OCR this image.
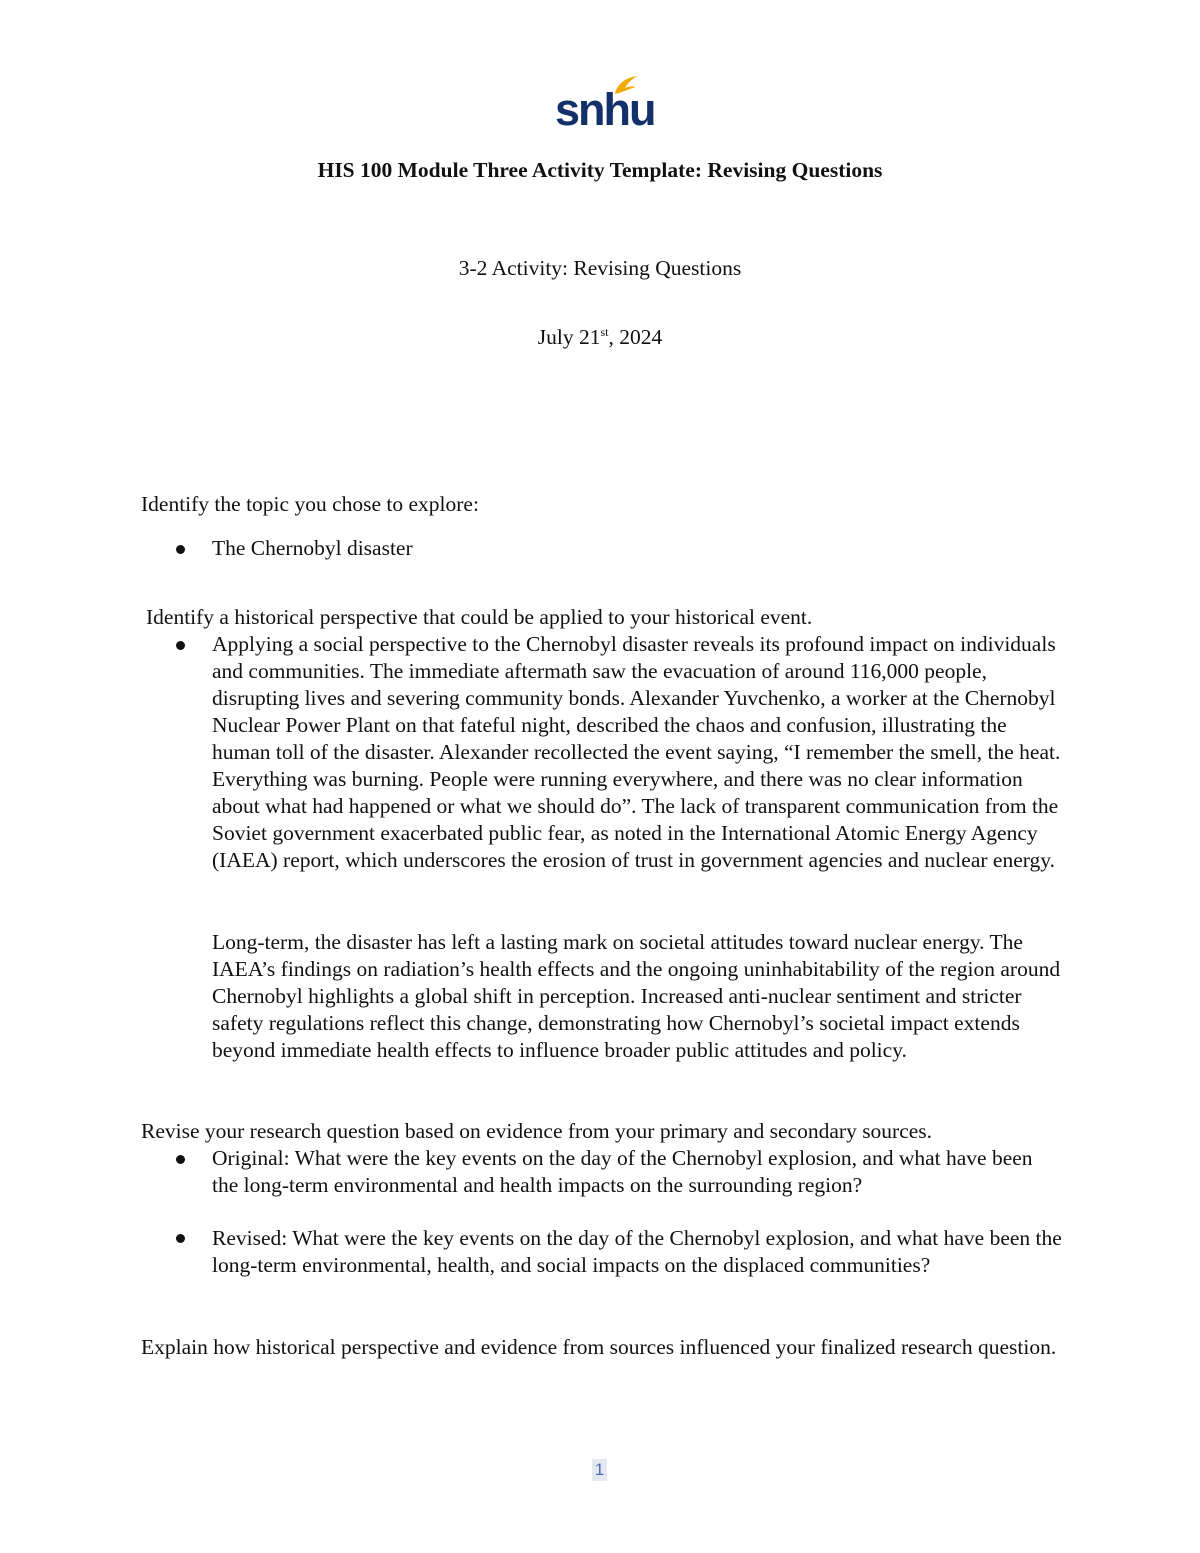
snhu
HIS 100 Module Three Activity Template: Revising Questions
3-2 Activity: Revising Questions
July 21st, 2024

Identify the topic you chose to explore:

The Chernobyl disaster

Identify a historical perspective that could be applied to your historical event.

Applying a social perspective to the Chernobyl disaster reveals its profound impact on individuals and communities. The immediate aftermath saw the evacuation of around 116,000 people, disrupting lives and severing community bonds. Alexander Yuvchenko, a worker at the Chernobyl Nuclear Power Plant on that fateful night, described the chaos and confusion, illustrating the human toll of the disaster. Alexander recollected the event saying, “I remember the smell, the heat. Everything was burning. People were running everywhere, and there was no clear information about what had happened or what we should do”. The lack of transparent communication from the Soviet government exacerbated public fear, as noted in the International Atomic Energy Agency (IAEA) report, which underscores the erosion of trust in government agencies and nuclear energy.

Long-term, the disaster has left a lasting mark on societal attitudes toward nuclear energy. The IAEA’s findings on radiation’s health effects and the ongoing uninhabitability of the region around Chernobyl highlights a global shift in perception. Increased anti-nuclear sentiment and stricter safety regulations reflect this change, demonstrating how Chernobyl’s societal impact extends beyond immediate health effects to influence broader public attitudes and policy.

Revise your research question based on evidence from your primary and secondary sources.

Original: What were the key events on the day of the Chernobyl explosion, and what have been the long-term environmental and health impacts on the surrounding region?

Revised: What were the key events on the day of the Chernobyl explosion, and what have been the long-term environmental, health, and social impacts on the displaced communities?

Explain how historical perspective and evidence from sources influenced your finalized research question.

1
